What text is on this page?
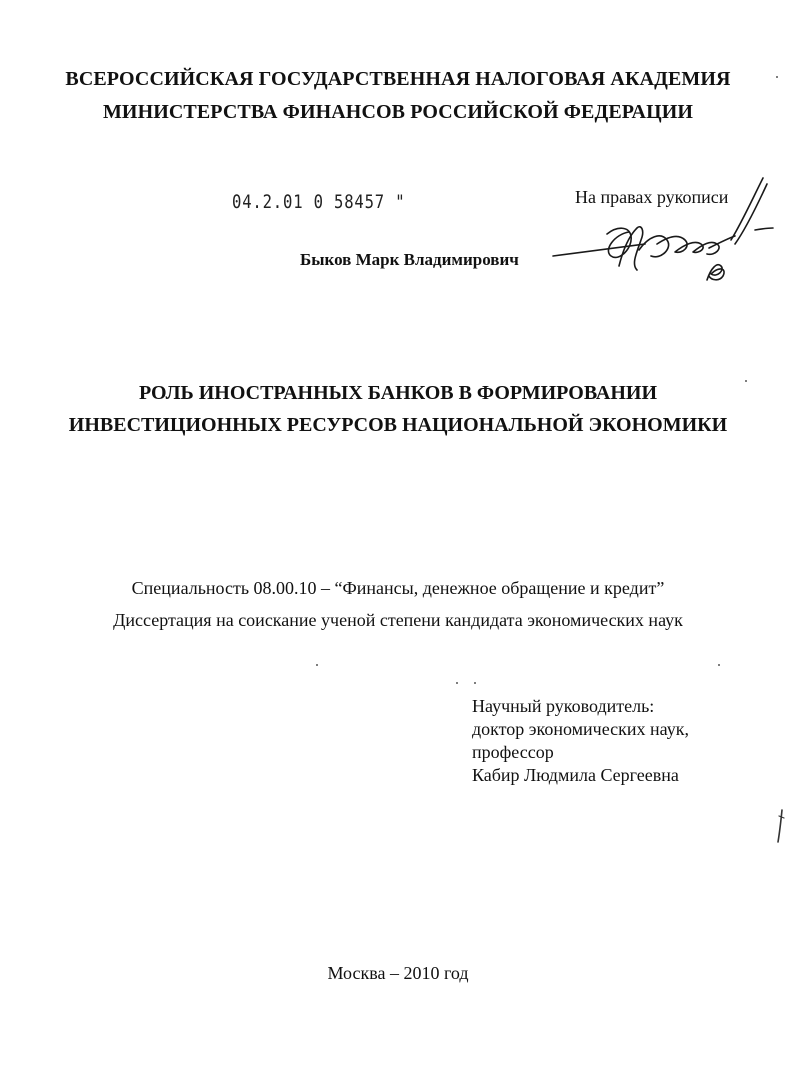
ВСЕРОССИЙСКАЯ ГОСУДАРСТВЕННАЯ НАЛОГОВАЯ АКАДЕМИЯ
МИНИСТЕРСТВА ФИНАНСОВ РОССИЙСКОЙ ФЕДЕРАЦИИ
04.2.01 0 58457 "	На правах рукописи
Быков Марк Владимирович
РОЛЬ ИНОСТРАННЫХ БАНКОВ В ФОРМИРОВАНИИ
ИНВЕСТИЦИОННЫХ РЕСУРСОВ НАЦИОНАЛЬНОЙ ЭКОНОМИКИ
Специальность 08.00.10 – “Финансы, денежное обращение и кредит”
Диссертация на соискание ученой степени кандидата экономических наук
Научный руководитель:
доктор экономических наук,
профессор
Кабир Людмила Сергеевна
Москва – 2010 год
